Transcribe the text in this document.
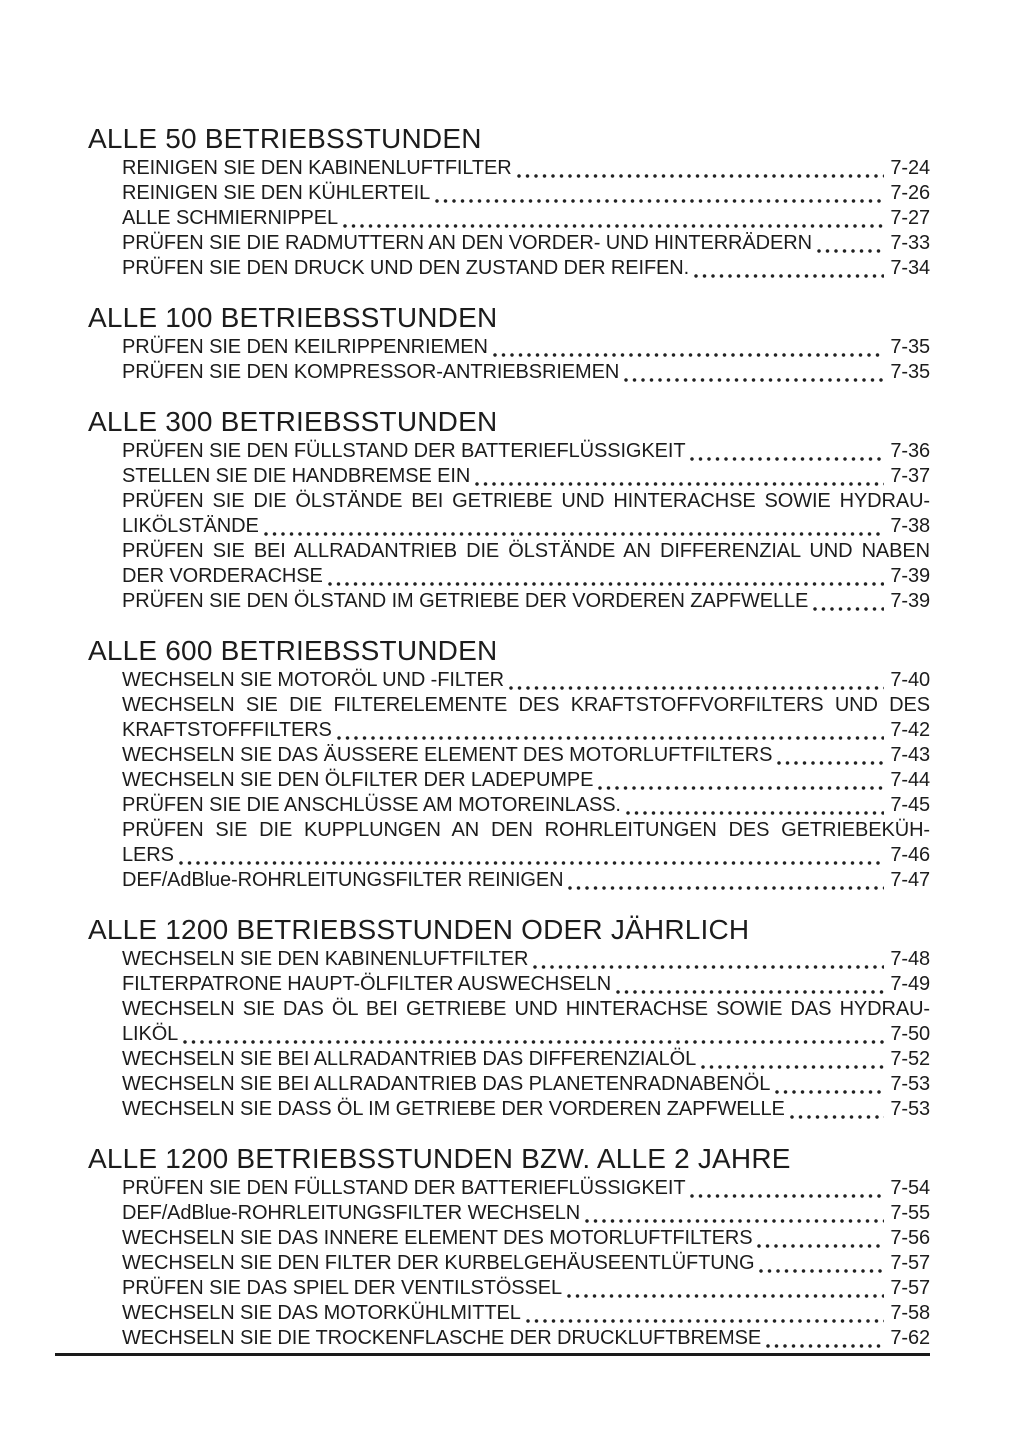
ALLE 50 BETRIEBSSTUNDEN
REINIGEN SIE DEN KABINENLUFTFILTER	7-24
REINIGEN SIE DEN KÜHLERTEIL	7-26
ALLE SCHMIERNIPPEL	7-27
PRÜFEN SIE DIE RADMUTTERN AN DEN VORDER- UND HINTERRÄDERN	7-33
PRÜFEN SIE DEN DRUCK UND DEN ZUSTAND DER REIFEN.	7-34
ALLE 100 BETRIEBSSTUNDEN
PRÜFEN SIE DEN KEILRIPPENRIEMEN	7-35
PRÜFEN SIE DEN KOMPRESSOR-ANTRIEBSRIEMEN	7-35
ALLE 300 BETRIEBSSTUNDEN
PRÜFEN SIE DEN FÜLLSTAND DER BATTERIEFLÜSSIGKEIT	7-36
STELLEN SIE DIE HANDBREMSE EIN	7-37
PRÜFEN SIE DIE ÖLSTÄNDE BEI GETRIEBE UND HINTERACHSE SOWIE HYDRAU-
LIKÖLSTÄNDE	7-38
PRÜFEN SIE BEI ALLRADANTRIEB DIE ÖLSTÄNDE AN DIFFERENZIAL UND NABEN
DER VORDERACHSE	7-39
PRÜFEN SIE DEN ÖLSTAND IM GETRIEBE DER VORDEREN ZAPFWELLE	7-39
ALLE 600 BETRIEBSSTUNDEN
WECHSELN SIE MOTORÖL UND -FILTER	7-40
WECHSELN SIE DIE FILTERELEMENTE DES KRAFTSTOFFVORFILTERS UND DES
KRAFTSTOFFFILTERS	7-42
WECHSELN SIE DAS ÄUSSERE ELEMENT DES MOTORLUFTFILTERS	7-43
WECHSELN SIE DEN ÖLFILTER DER LADEPUMPE	7-44
PRÜFEN SIE DIE ANSCHLÜSSE AM MOTOREINLASS.	7-45
PRÜFEN SIE DIE KUPPLUNGEN AN DEN ROHRLEITUNGEN DES GETRIEBEKÜH-
LERS	7-46
DEF/AdBlue-ROHRLEITUNGSFILTER REINIGEN	7-47
ALLE 1200 BETRIEBSSTUNDEN ODER JÄHRLICH
WECHSELN SIE DEN KABINENLUFTFILTER	7-48
FILTERPATRONE HAUPT-ÖLFILTER AUSWECHSELN	7-49
WECHSELN SIE DAS ÖL BEI GETRIEBE UND HINTERACHSE SOWIE DAS HYDRAU-
LIKÖL	7-50
WECHSELN SIE BEI ALLRADANTRIEB DAS DIFFERENZIALÖL	7-52
WECHSELN SIE BEI ALLRADANTRIEB DAS PLANETENRADNABENÖL	7-53
WECHSELN SIE DASS ÖL IM GETRIEBE DER VORDEREN ZAPFWELLE	7-53
ALLE 1200 BETRIEBSSTUNDEN BZW. ALLE 2 JAHRE
PRÜFEN SIE DEN FÜLLSTAND DER BATTERIEFLÜSSIGKEIT	7-54
DEF/AdBlue-ROHRLEITUNGSFILTER WECHSELN	7-55
WECHSELN SIE DAS INNERE ELEMENT DES MOTORLUFTFILTERS	7-56
WECHSELN SIE DEN FILTER DER KURBELGEHÄUSEENTLÜFTUNG	7-57
PRÜFEN SIE DAS SPIEL DER VENTILSTÖSSEL	7-57
WECHSELN SIE DAS MOTORKÜHLMITTEL	7-58
WECHSELN SIE DIE TROCKENFLASCHE DER DRUCKLUFTBREMSE	7-62
